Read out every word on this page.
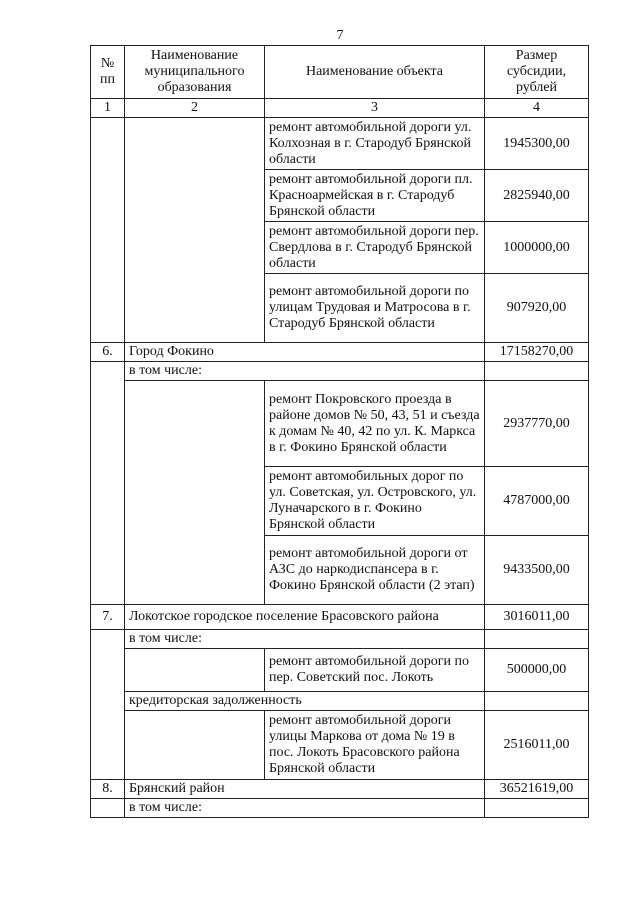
7
№ пп	Наименование муниципального образования	Наименование объекта	Размер субсидии, рублей
1	2	3	4
		ремонт автомобильной дороги ул. Колхозная в г. Стародуб Брянской области	1945300,00
		ремонт автомобильной дороги пл. Красноармейская в г. Стародуб Брянской области	2825940,00
		ремонт автомобильной дороги пер. Свердлова в г. Стародуб Брянской области	1000000,00
		ремонт автомобильной дороги по улицам Трудовая и Матросова в г. Стародуб Брянской области	907920,00
6.	Город Фокино		17158270,00
	в том числе:		
		ремонт Покровского проезда в районе домов № 50, 43, 51 и съезда к домам № 40, 42 по ул. К. Маркса в г. Фокино Брянской области	2937770,00
		ремонт автомобильных дорог по ул. Советская, ул. Островского, ул. Луначарского в г. Фокино Брянской области	4787000,00
		ремонт автомобильной дороги от АЗС до наркодиспансера в г. Фокино Брянской области (2 этап)	9433500,00
7.	Локотское городское поселение Брасовского района		3016011,00
	в том числе:		
		ремонт автомобильной дороги по пер. Советский пос. Локоть	500000,00
	кредиторская задолженность		
		ремонт автомобильной дороги улицы Маркова от дома № 19 в пос. Локоть Брасовского района Брянской области	2516011,00
8.	Брянский район		36521619,00
	в том числе:		
